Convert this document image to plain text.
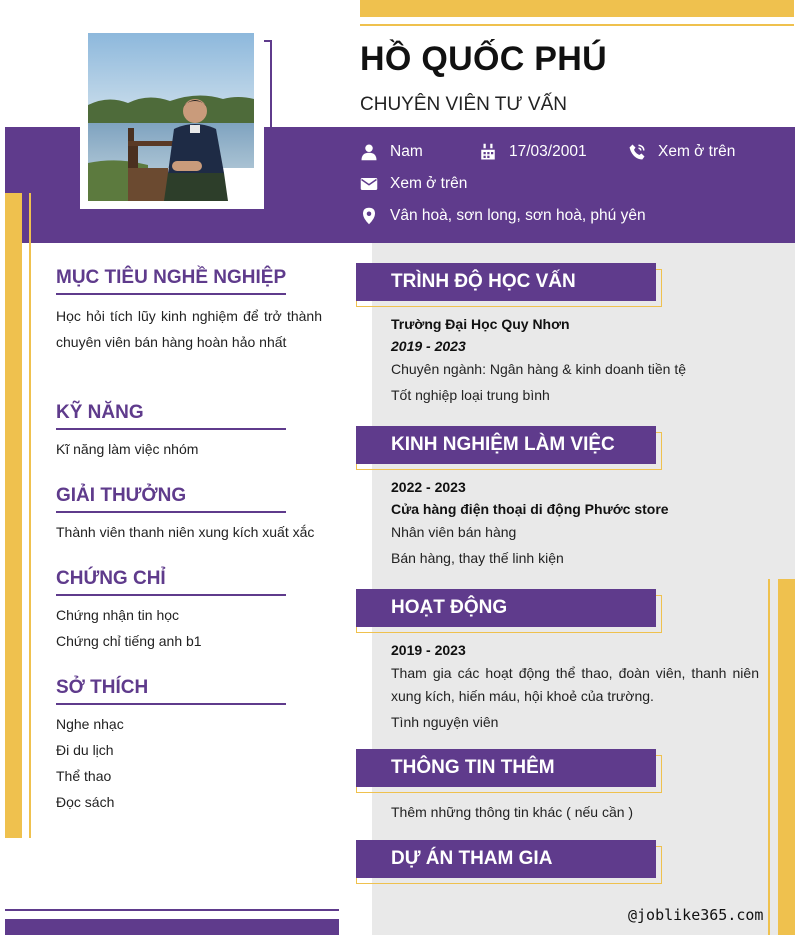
HỒ QUỐC PHÚ
CHUYÊN VIÊN TƯ VẤN
Nam	17/03/2001	Xem ở trên
Xem ở trên
Vân hoà, sơn long, sơn hoà, phú yên
MỤC TIÊU NGHỀ NGHIỆP
Học hỏi tích lũy kinh nghiệm để trở thành chuyên viên bán hàng hoàn hảo nhất
KỸ NĂNG
Kĩ năng làm việc nhóm
GIẢI THƯỞNG
Thành viên thanh niên xung kích xuất xắc
CHỨNG CHỈ
Chứng nhận tin học
Chứng chỉ tiếng anh b1
SỞ THÍCH
Nghe nhạc
Đi du lịch
Thể thao
Đọc sách
TRÌNH ĐỘ HỌC VẤN
Trường Đại Học Quy Nhơn
2019 - 2023
Chuyên ngành: Ngân hàng & kinh doanh tiền tệ
Tốt nghiệp loại trung bình
KINH NGHIỆM LÀM VIỆC
2022 - 2023
Cửa hàng điện thoại di động Phước store
Nhân viên bán hàng
Bán hàng, thay thế linh kiện
HOẠT ĐỘNG
2019 - 2023
Tham gia các hoạt động thể thao, đoàn viên, thanh niên xung kích, hiến máu, hội khoẻ của trường.
Tình nguyện viên
THÔNG TIN THÊM
Thêm những thông tin khác ( nếu cần )
DỰ ÁN THAM GIA
@joblike365.com
